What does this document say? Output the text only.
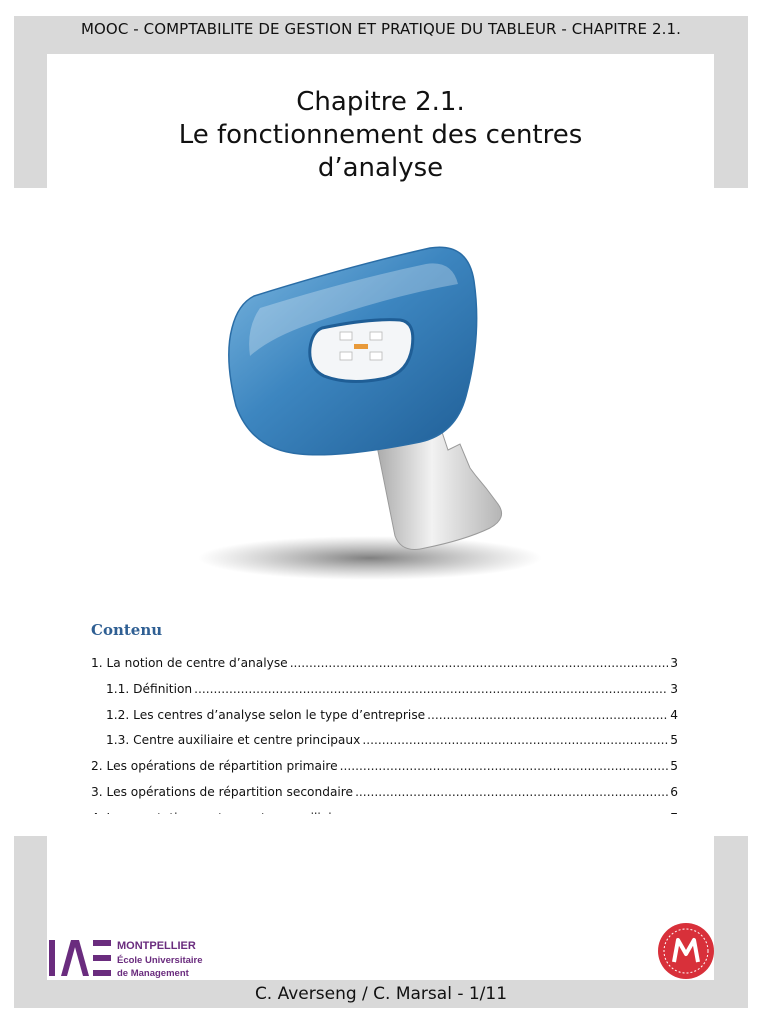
MOOC - COMPTABILITE DE GESTION ET PRATIQUE DU TABLEUR - CHAPITRE 2.1.
Chapitre 2.1.
Le fonctionnement des centres
d’analyse
Contenu
1. La notion de centre d’analyse .....	3
1.1. Définition .....	3
1.2. Les centres d’analyse selon le type d’entreprise .....	4
1.3. Centre auxiliaire et centre principaux .....	5
2. Les opérations de répartition primaire .....	5
3. Les opérations de répartition secondaire .....	6
.....
.....
.....
.....
MONTPELLIER
École Universitaire
de Management
C. Averseng / C. Marsal - 1/11
